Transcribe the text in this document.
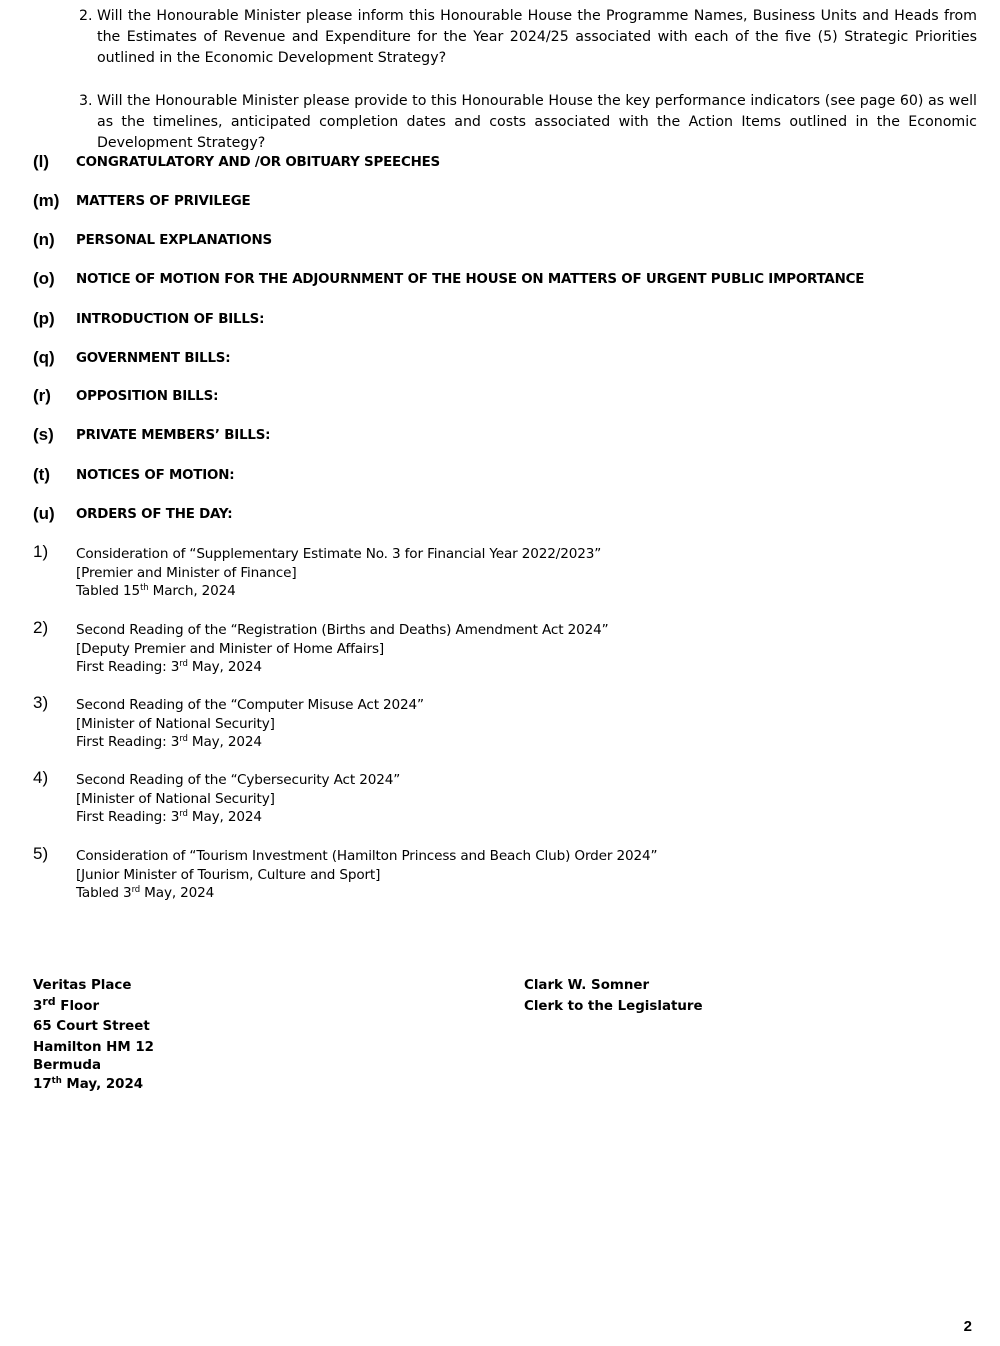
2. Will the Honourable Minister please inform this Honourable House the Programme Names, Business Units and Heads from the Estimates of Revenue and Expenditure for the Year 2024/25 associated with each of the five (5) Strategic Priorities outlined in the Economic Development Strategy?
3. Will the Honourable Minister please provide to this Honourable House the key performance indicators (see page 60) as well as the timelines, anticipated completion dates and costs associated with the Action Items outlined in the Economic Development Strategy?
(l) CONGRATULATORY AND /OR OBITUARY SPEECHES
(m) MATTERS OF PRIVILEGE
(n) PERSONAL EXPLANATIONS
(o) NOTICE OF MOTION FOR THE ADJOURNMENT OF THE HOUSE ON MATTERS OF URGENT PUBLIC IMPORTANCE
(p) INTRODUCTION OF BILLS:
(q) GOVERNMENT BILLS:
(r) OPPOSITION BILLS:
(s) PRIVATE MEMBERS’ BILLS:
(t) NOTICES OF MOTION:
(u) ORDERS OF THE DAY:
1) Consideration of “Supplementary Estimate No. 3 for Financial Year 2022/2023”
[Premier and Minister of Finance]
Tabled 15th March, 2024
2) Second Reading of the “Registration (Births and Deaths) Amendment Act 2024”
[Deputy Premier and Minister of Home Affairs]
First Reading: 3rd May, 2024
3) Second Reading of the “Computer Misuse Act 2024”
[Minister of National Security]
First Reading: 3rd May, 2024
4) Second Reading of the “Cybersecurity Act 2024”
[Minister of National Security]
First Reading: 3rd May, 2024
5) Consideration of “Tourism Investment (Hamilton Princess and Beach Club) Order 2024”
[Junior Minister of Tourism, Culture and Sport]
Tabled 3rd May, 2024
Veritas Place
3rd Floor
65 Court Street
Hamilton HM 12
Bermuda
17th May, 2024
Clark W. Somner
Clerk to the Legislature
2
